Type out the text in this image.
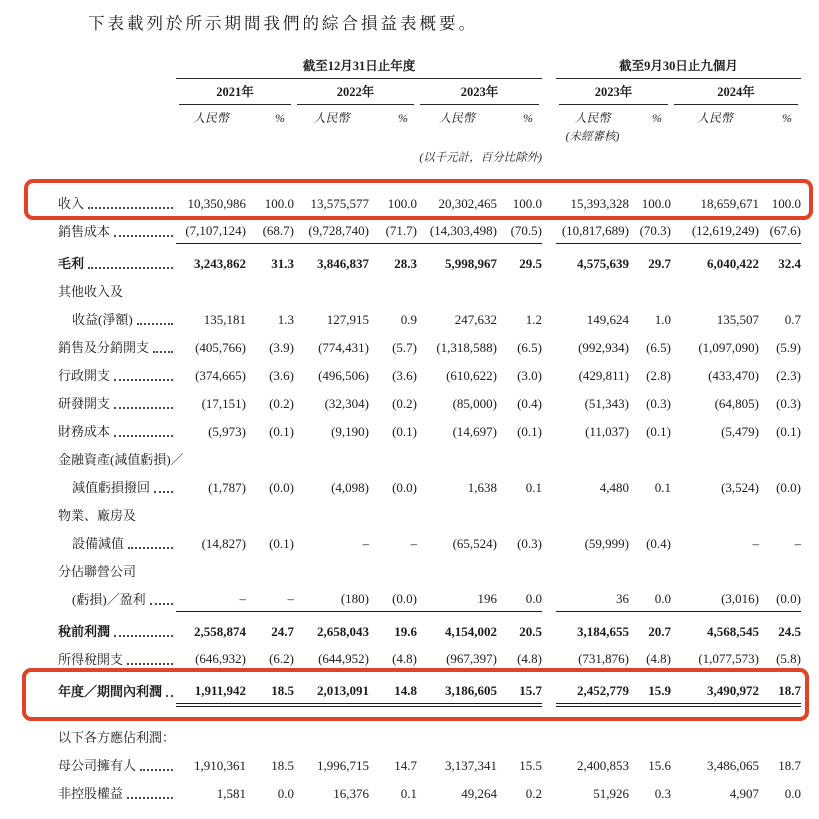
下表載列於所示期間我們的綜合損益表概要。
截至12月31日止年度	截至9月30日止九個月
2021年	2022年	2023年	2023年	2024年
人民幣	%	人民幣	%	人民幣	%	人民幣	%	人民幣	%
(未經審核)
(以千元計，百分比除外)
收入	10,350,986	100.0	13,575,577	100.0	20,302,465	100.0	15,393,328 100.0	18,659,671 100.0
銷售成本	(7,107,124)	(68.7)	(9,728,740)	(71.7) (14,303,498)	(70.5)	(10,817,689) (70.3)	(12,619,249) (67.6)
毛利	3,243,862	31.3	3,846,837	28.3	5,998,967	29.5	4,575,639	29.7	6,040,422	32.4
其他收入及
收益(淨額)	135,181	1.3	127,915	0.9	247,632	1.2	149,624	1.0	135,507	0.7
銷售及分銷開支	(405,766)	(3.9)	(774,431)	(5.7)	(1,318,588)	(6.5)	(992,934)	(6.5)	(1,097,090)	(5.9)
行政開支	(374,665)	(3.6)	(496,506)	(3.6)	(610,622)	(3.0)	(429,811)	(2.8)	(433,470)	(2.3)
研發開支	(17,151)	(0.2)	(32,304)	(0.2)	(85,000)	(0.4)	(51,343)	(0.3)	(64,805)	(0.3)
財務成本	(5,973)	(0.1)	(9,190)	(0.1)	(14,697)	(0.1)	(11,037)	(0.1)	(5,479)	(0.1)
金融資產(減值虧損)／
減值虧損撥回	(1,787)	(0.0)	(4,098)	(0.0)	1,638	0.1	4,480	0.1	(3,524)	(0.0)
物業、廠房及
設備減值	(14,827)	(0.1)	–	–	(65,524)	(0.3)	(59,999)	(0.4)	–	–
分佔聯營公司
(虧損)／盈利	–	–	(180)	(0.0)	196	0.0	36	0.0	(3,016)	(0.0)
稅前利潤	2,558,874	24.7	2,658,043	19.6	4,154,002	20.5	3,184,655	20.7	4,568,545	24.5
所得稅開支	(646,932)	(6.2)	(644,952)	(4.8)	(967,397)	(4.8)	(731,876)	(4.8)	(1,077,573)	(5.8)
年度／期間內利潤	1,911,942	18.5	2,013,091	14.8	3,186,605	15.7	2,452,779	15.9	3,490,972	18.7
以下各方應佔利潤：
母公司擁有人	1,910,361	18.5	1,996,715	14.7	3,137,341	15.5	2,400,853	15.6	3,486,065	18.7
非控股權益	1,581	0.0	16,376	0.1	49,264	0.2	51,926	0.3	4,907	0.0
